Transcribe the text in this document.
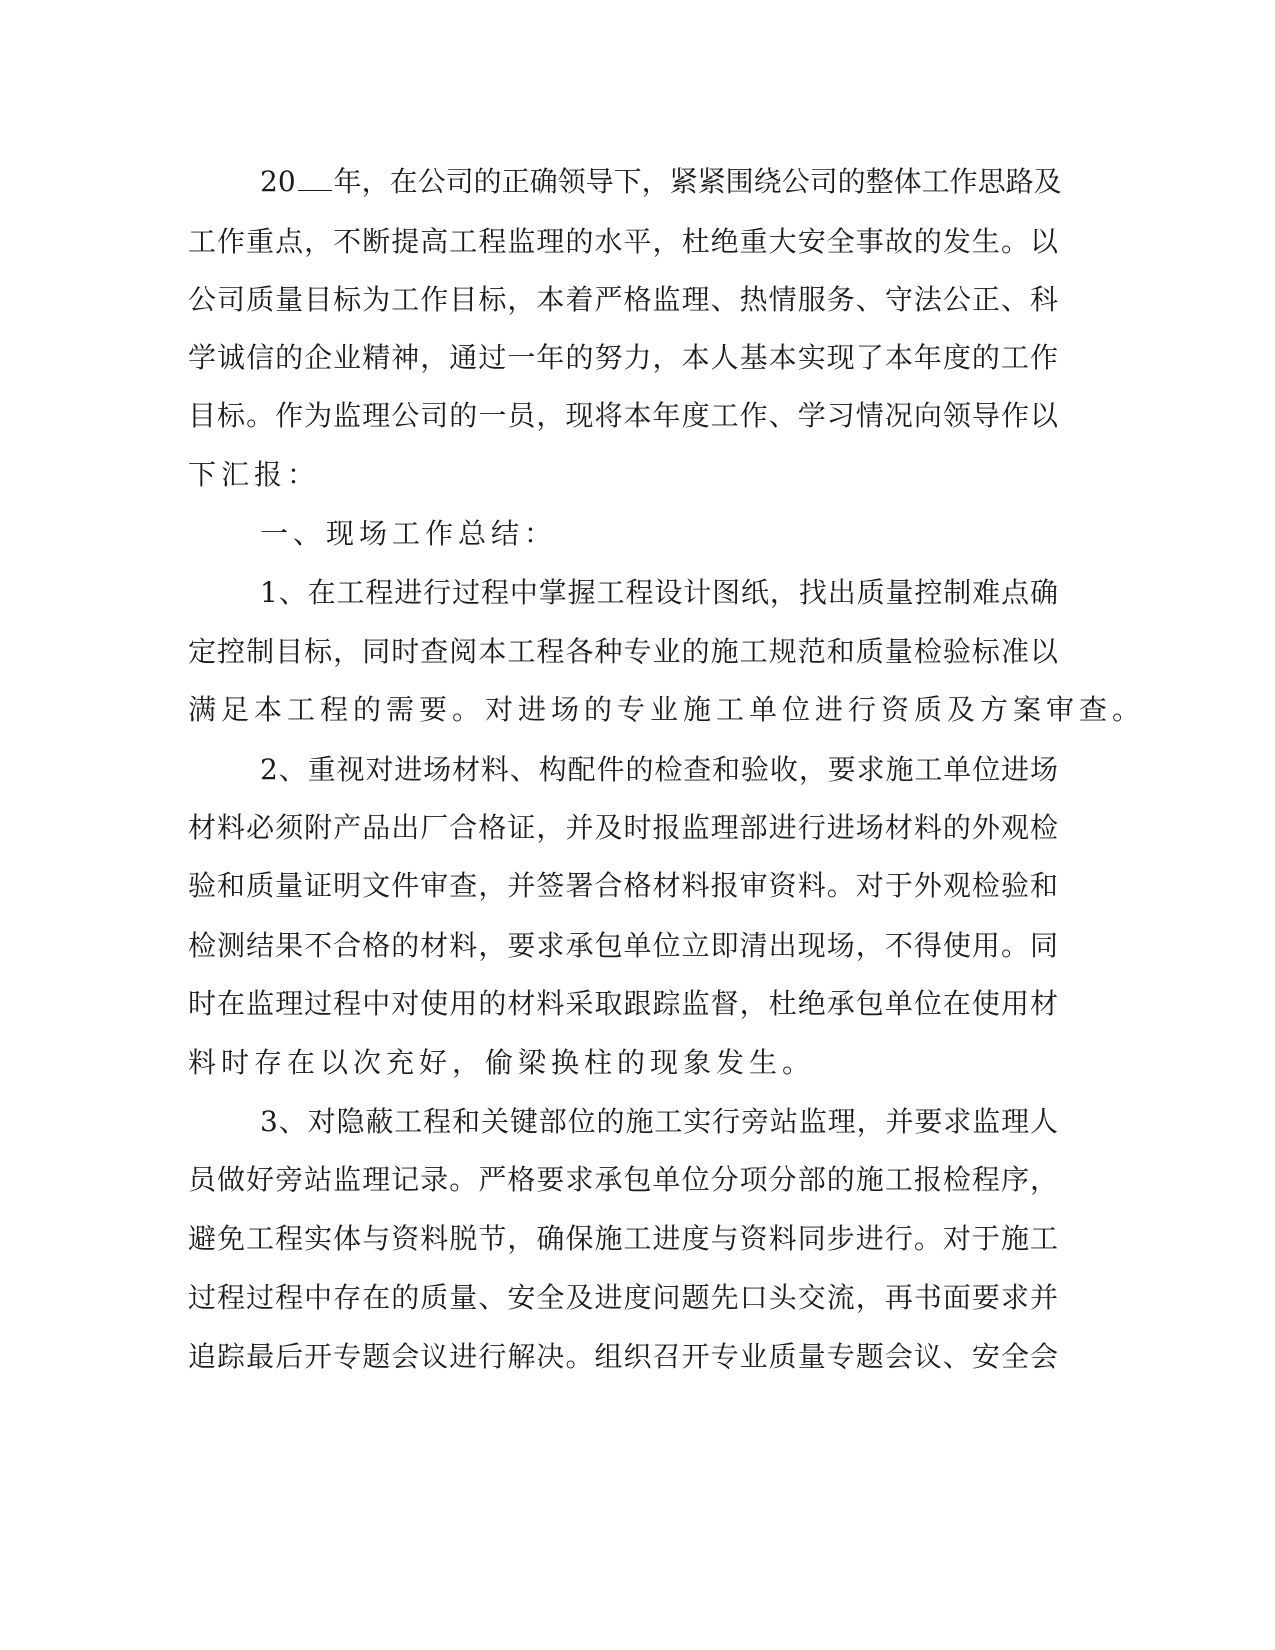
20 年，在公司的正确领导下，紧紧围绕公司的整体工作思路及
工作重点，不断提高工程监理的水平，杜绝重大安全事故的发生。以
公司质量目标为工作目标，本着严格监理、热情服务、守法公正、科
学诚信的企业精神，通过一年的努力，本人基本实现了本年度的工作
目标。作为监理公司的一员，现将本年度工作、学习情况向领导作以
下汇报：
一、现场工作总结：
1、在工程进行过程中掌握工程设计图纸，找出质量控制难点确
定控制目标，同时查阅本工程各种专业的施工规范和质量检验标准以
满足本工程的需要。对进场的专业施工单位进行资质及方案审查。
2、重视对进场材料、构配件的检查和验收，要求施工单位进场
材料必须附产品出厂合格证，并及时报监理部进行进场材料的外观检
验和质量证明文件审查，并签署合格材料报审资料。对于外观检验和
检测结果不合格的材料，要求承包单位立即清出现场，不得使用。同
时在监理过程中对使用的材料采取跟踪监督，杜绝承包单位在使用材
料时存在以次充好，偷梁换柱的现象发生。
3、对隐蔽工程和关键部位的施工实行旁站监理，并要求监理人
员做好旁站监理记录。严格要求承包单位分项分部的施工报检程序，
避免工程实体与资料脱节，确保施工进度与资料同步进行。对于施工
过程过程中存在的质量、安全及进度问题先口头交流，再书面要求并
追踪最后开专题会议进行解决。组织召开专业质量专题会议、安全会
